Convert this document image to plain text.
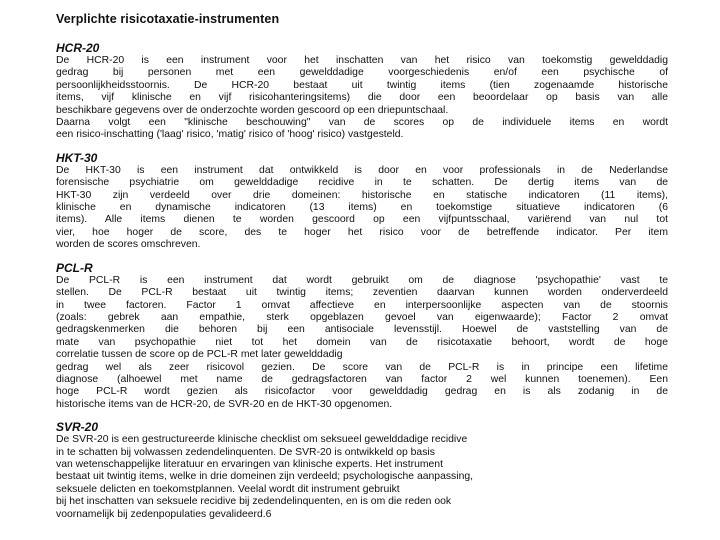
Verplichte risicotaxatie-instrumenten
HCR-20
De HCR-20 is een instrument voor het inschatten van het risico van toekomstig gewelddadig
gedrag bij personen met een gewelddadige voorgeschiedenis en/of een psychische of
persoonlijkheidsstoornis. De HCR-20 bestaat uit twintig items (tien zogenaamde historische
items, vijf klinische en vijf risicohanteringsitems) die door een beoordelaar op basis van alle
beschikbare gegevens over de onderzochte worden gescoord op een driepuntschaal.
Daarna volgt een "klinische beschouwing" van de scores op de individuele items en wordt
een risico-inschatting ('laag' risico, 'matig' risico of 'hoog' risico) vastgesteld.
HKT-30
De HKT-30 is een instrument dat ontwikkeld is door en voor professionals in de Nederlandse
forensische psychiatrie om gewelddadige recidive in te schatten. De dertig items van de
HKT-30 zijn verdeeld over drie domeinen: historische en statische indicatoren (11 items),
klinische en dynamische indicatoren (13 items) en toekomstige situatieve indicatoren (6
items). Alle items dienen te worden gescoord op een vijfpuntsschaal, variërend van nul tot
vier, hoe hoger de score, des te hoger het risico voor de betreffende indicator. Per item
worden de scores omschreven.
PCL-R
De PCL-R is een instrument dat wordt gebruikt om de diagnose 'psychopathie' vast te
stellen. De PCL-R bestaat uit twintig items; zeventien daarvan kunnen worden onderverdeeld
in twee factoren. Factor 1 omvat affectieve en interpersoonlijke aspecten van de stoornis
(zoals: gebrek aan empathie, sterk opgeblazen gevoel van eigenwaarde); Factor 2 omvat
gedragskenmerken die behoren bij een antisociale levensstijl. Hoewel de vaststelling van de
mate van psychopathie niet tot het domein van de risicotaxatie behoort, wordt de hoge
correlatie tussen de score op de PCL-R met later gewelddadig
gedrag wel als zeer risicovol gezien. De score van de PCL-R is in principe een lifetime
diagnose (alhoewel met name de gedragsfactoren van factor 2 wel kunnen toenemen). Een
hoge PCL-R wordt gezien als risicofactor voor gewelddadig gedrag en is als zodanig in de
historische items van de HCR-20, de SVR-20 en de HKT-30 opgenomen.
SVR-20
De SVR-20 is een gestructureerde klinische checklist om seksueel gewelddadige recidive
in te schatten bij volwassen zedendelinquenten. De SVR-20 is ontwikkeld op basis
van wetenschappelijke literatuur en ervaringen van klinische experts. Het instrument
bestaat uit twintig items, welke in drie domeinen zijn verdeeld; psychologische aanpassing,
seksuele delicten en toekomstplannen. Veelal wordt dit instrument gebruikt
bij het inschatten van seksuele recidive bij zedendelinquenten, en is om die reden ook
voornamelijk bij zedenpopulaties gevalideerd.6
